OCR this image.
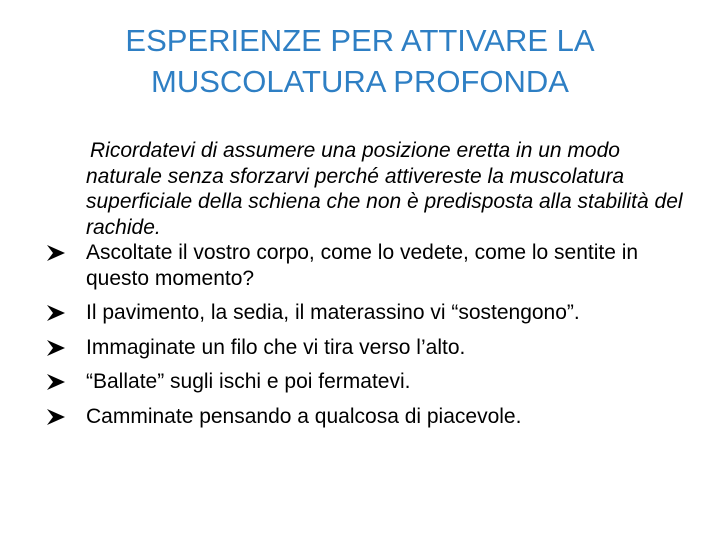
ESPERIENZE PER ATTIVARE LA
MUSCOLATURA PROFONDA

Ricordatevi di assumere una posizione eretta in un modo naturale senza sforzarvi perché attivereste la muscolatura superficiale della schiena che non è predisposta alla stabilità del rachide.

Ascoltate il vostro corpo, come lo vedete, come lo sentite in questo momento?
Il pavimento, la sedia, il materassino vi “sostengono”.
Immaginate un filo che vi tira verso l’alto.
“Ballate” sugli ischi e poi fermatevi.
Camminate pensando a qualcosa di piacevole.
